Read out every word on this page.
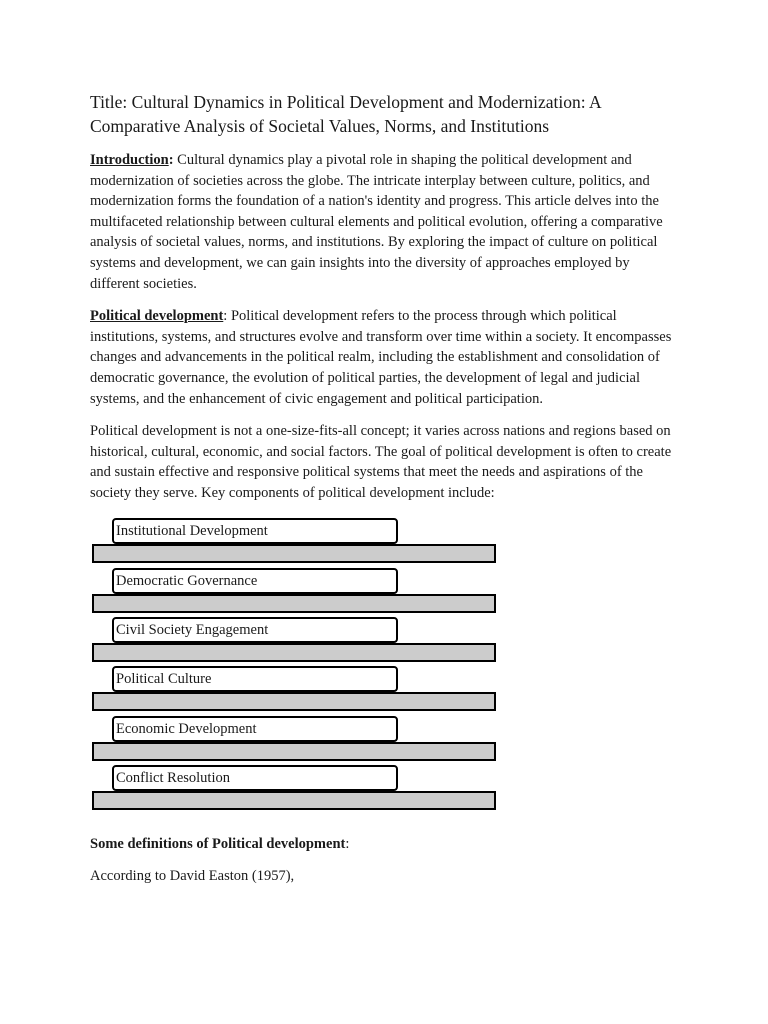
Title: Cultural Dynamics in Political Development and Modernization: A Comparative Analysis of Societal Values, Norms, and Institutions

Introduction: Cultural dynamics play a pivotal role in shaping the political development and modernization of societies across the globe. The intricate interplay between culture, politics, and modernization forms the foundation of a nation's identity and progress. This article delves into the multifaceted relationship between cultural elements and political evolution, offering a comparative analysis of societal values, norms, and institutions. By exploring the impact of culture on political systems and development, we can gain insights into the diversity of approaches employed by different societies.

Political development: Political development refers to the process through which political institutions, systems, and structures evolve and transform over time within a society. It encompasses changes and advancements in the political realm, including the establishment and consolidation of democratic governance, the evolution of political parties, the development of legal and judicial systems, and the enhancement of civic engagement and political participation.

Political development is not a one-size-fits-all concept; it varies across nations and regions based on historical, cultural, economic, and social factors. The goal of political development is often to create and sustain effective and responsive political systems that meet the needs and aspirations of the society they serve. Key components of political development include:

Institutional Development
Democratic Governance
Civil Society Engagement
Political Culture
Economic Development
Conflict Resolution

Some definitions of Political development:

According to David Easton (1957),
